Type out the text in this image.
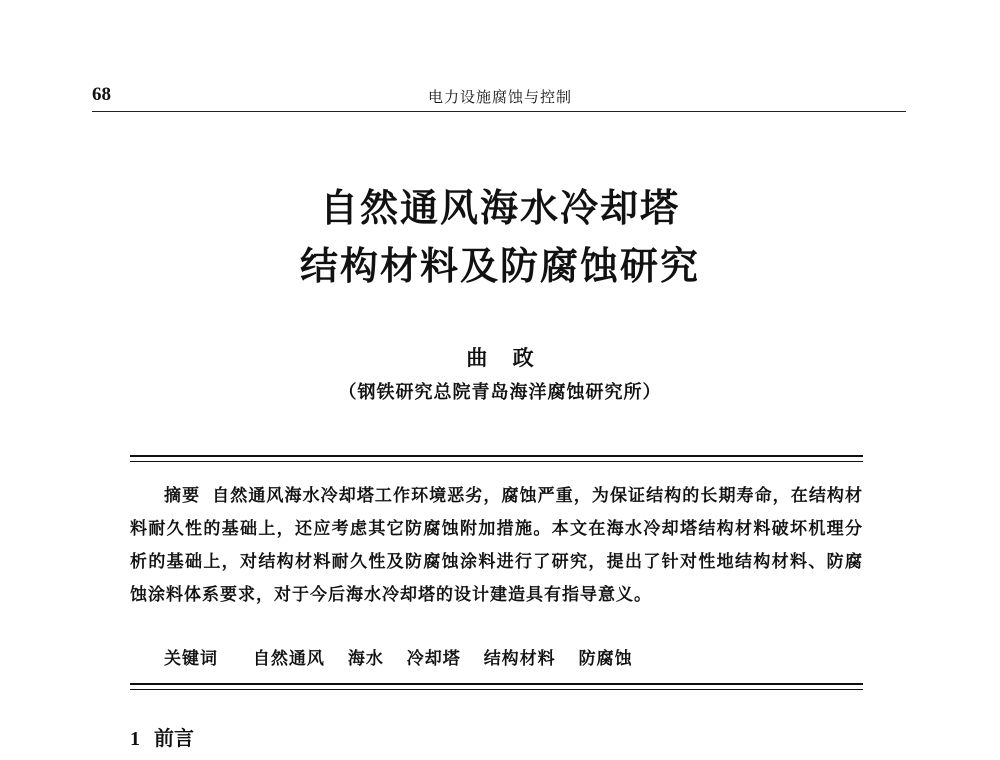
68	电力设施腐蚀与控制
自然通风海水冷却塔
结构材料及防腐蚀研究
曲 政
（钢铁研究总院青岛海洋腐蚀研究所）
摘要 自然通风海水冷却塔工作环境恶劣，腐蚀严重，为保证结构的长期寿命，在结构材料耐久性的基础上，还应考虑其它防腐蚀附加措施。本文在海水冷却塔结构材料破坏机理分析的基础上，对结构材料耐久性及防腐蚀涂料进行了研究，提出了针对性地结构材料、防腐蚀涂料体系要求，对于今后海水冷却塔的设计建造具有指导意义。
关键词 自然通风 海水 冷却塔 结构材料 防腐蚀
1 前言
